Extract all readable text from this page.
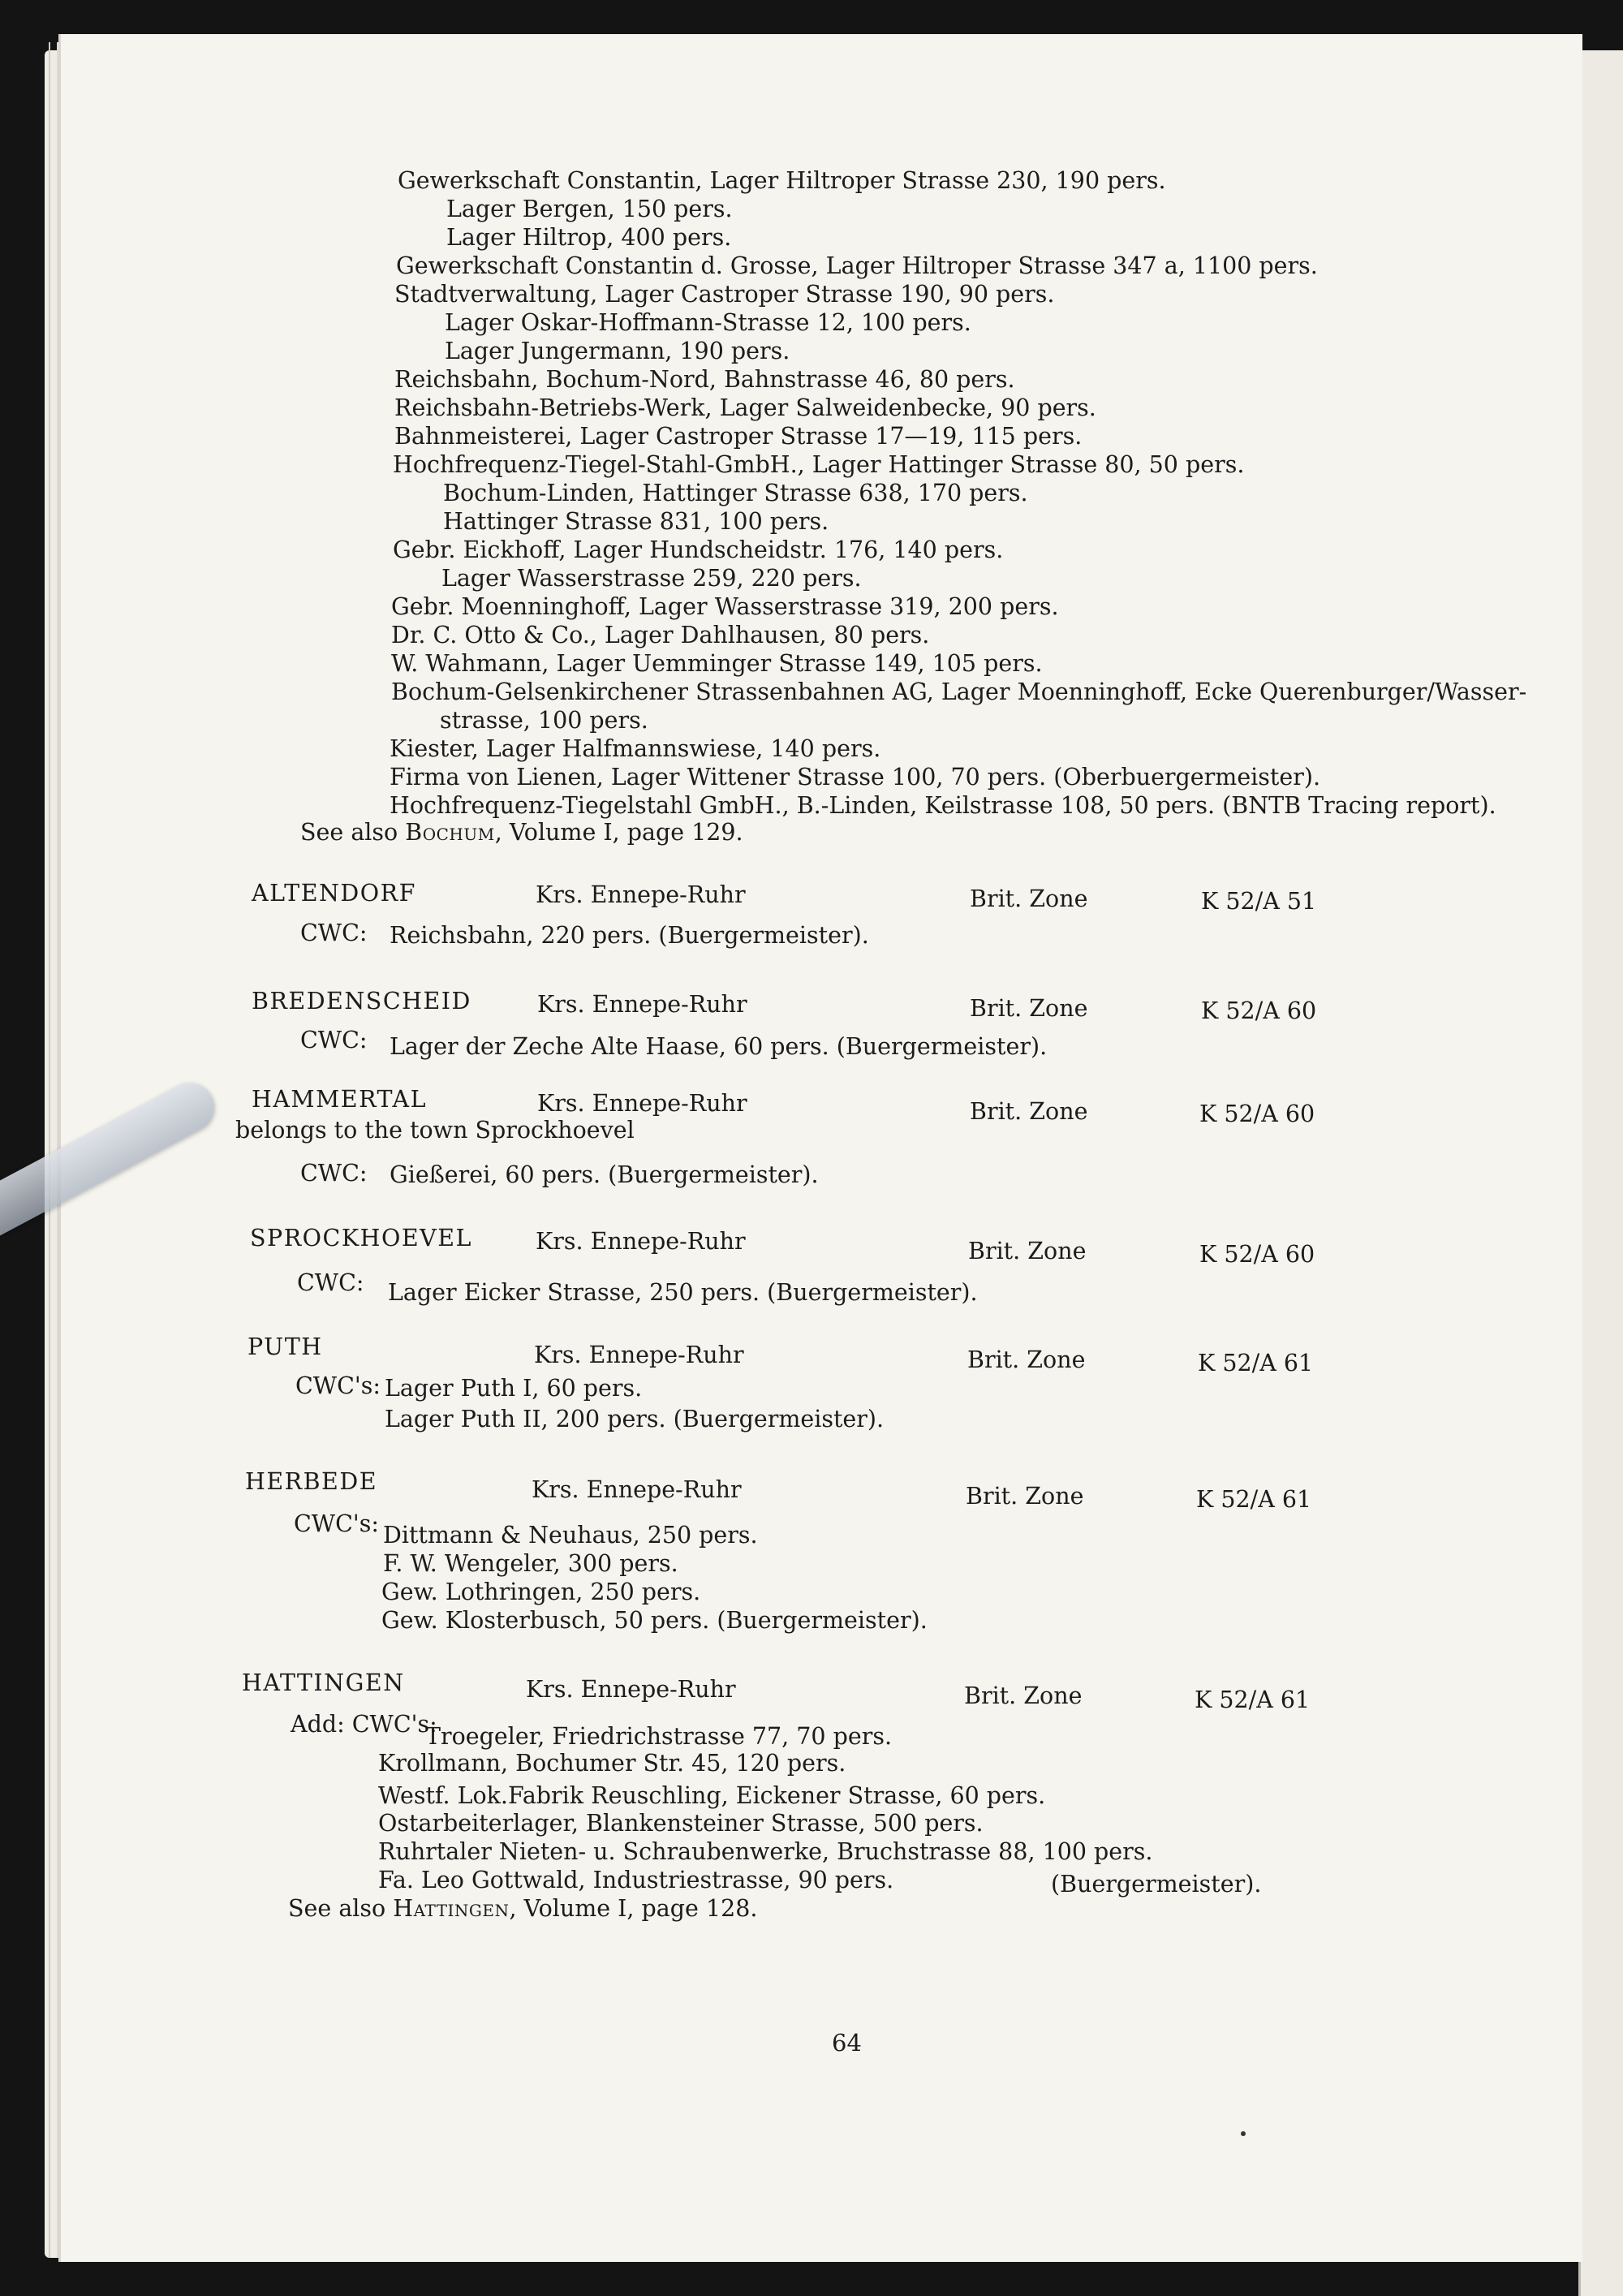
Gewerkschaft Constantin, Lager Hiltroper Strasse 230, 190 pers.
Lager Bergen, 150 pers.
Lager Hiltrop, 400 pers.
Gewerkschaft Constantin d. Grosse, Lager Hiltroper Strasse 347 a, 1100 pers.
Stadtverwaltung, Lager Castroper Strasse 190, 90 pers.
Lager Oskar-Hoffmann-Strasse 12, 100 pers.
Lager Jungermann, 190 pers.
Reichsbahn, Bochum-Nord, Bahnstrasse 46, 80 pers.
Reichsbahn-Betriebs-Werk, Lager Salweidenbecke, 90 pers.
Bahnmeisterei, Lager Castroper Strasse 17—19, 115 pers.
Hochfrequenz-Tiegel-Stahl-GmbH., Lager Hattinger Strasse 80, 50 pers.
Bochum-Linden, Hattinger Strasse 638, 170 pers.
Hattinger Strasse 831, 100 pers.
Gebr. Eickhoff, Lager Hundscheidstr. 176, 140 pers.
Lager Wasserstrasse 259, 220 pers.
Gebr. Moenninghoff, Lager Wasserstrasse 319, 200 pers.
Dr. C. Otto & Co., Lager Dahlhausen, 80 pers.
W. Wahmann, Lager Uemminger Strasse 149, 105 pers.
Bochum-Gelsenkirchener Strassenbahnen AG, Lager Moenninghoff, Ecke Querenburger/Wasser-
strasse, 100 pers.
Kiester, Lager Halfmannswiese, 140 pers.
Firma von Lienen, Lager Wittener Strasse 100, 70 pers. (Oberbuergermeister).
Hochfrequenz-Tiegelstahl GmbH., B.-Linden, Keilstrasse 108, 50 pers. (BNTB Tracing report).
See also Bochum, Volume I, page 129.
ALTENDORF	Krs. Ennepe-Ruhr	Brit. Zone	K 52/A 51
CWC: Reichsbahn, 220 pers. (Buergermeister).
BREDENSCHEID	Krs. Ennepe-Ruhr	Brit. Zone	K 52/A 60
CWC: Lager der Zeche Alte Haase, 60 pers. (Buergermeister).
HAMMERTAL	Krs. Ennepe-Ruhr	Brit. Zone	K 52/A 60
belongs to the town Sprockhoevel
CWC: Gießerei, 60 pers. (Buergermeister).
SPROCKHOEVEL	Krs. Ennepe-Ruhr	Brit. Zone	K 52/A 60
CWC: Lager Eicker Strasse, 250 pers. (Buergermeister).
PUTH	Krs. Ennepe-Ruhr	Brit. Zone	K 52/A 61
CWC's: Lager Puth I, 60 pers.
Lager Puth II, 200 pers. (Buergermeister).
HERBEDE	Krs. Ennepe-Ruhr	Brit. Zone	K 52/A 61
CWC's: Dittmann & Neuhaus, 250 pers.
F. W. Wengeler, 300 pers.
Gew. Lothringen, 250 pers.
Gew. Klosterbusch, 50 pers. (Buergermeister).
HATTINGEN	Krs. Ennepe-Ruhr	Brit. Zone	K 52/A 61
Add: CWC's:
Troegeler, Friedrichstrasse 77, 70 pers.
Krollmann, Bochumer Str. 45, 120 pers.
Westf. Lok.Fabrik Reuschling, Eickener Strasse, 60 pers.
Ostarbeiterlager, Blankensteiner Strasse, 500 pers.
Ruhrtaler Nieten- u. Schraubenwerke, Bruchstrasse 88, 100 pers.
Fa. Leo Gottwald, Industriestrasse, 90 pers.	(Buergermeister).
See also Hattingen, Volume I, page 128.
64
